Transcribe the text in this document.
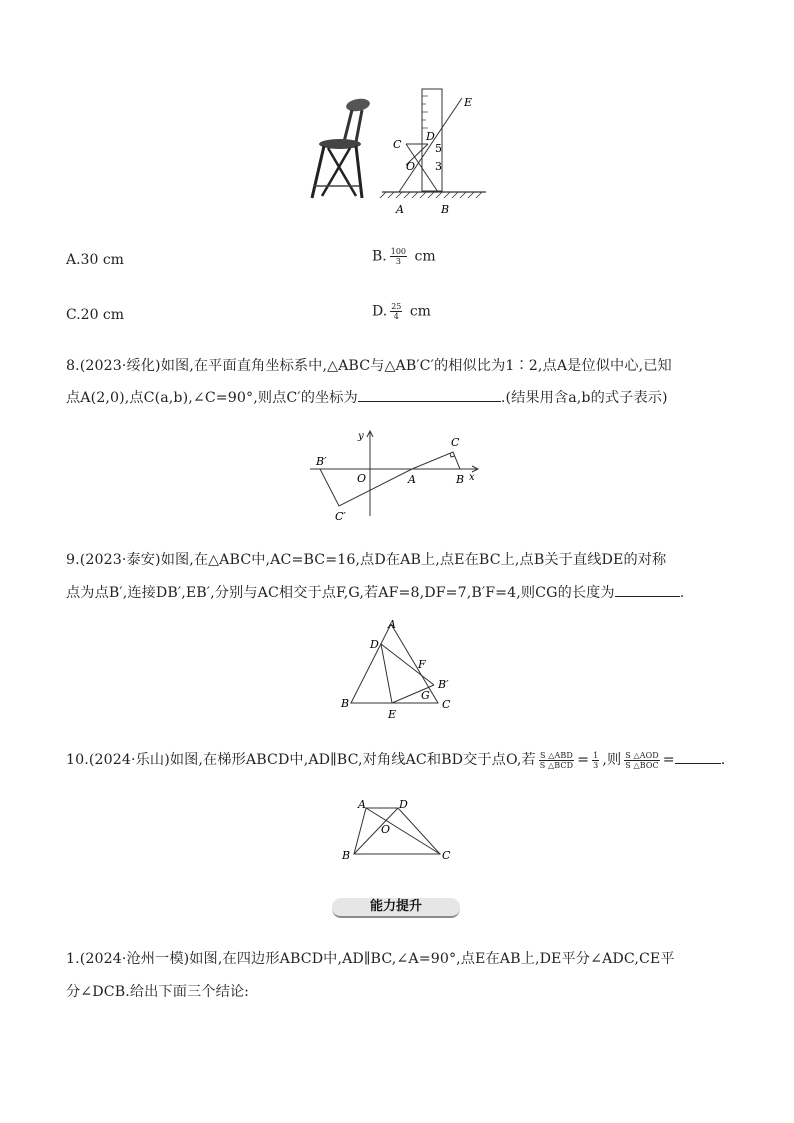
E
C
D
5
O 3
A	B
A.30 cm	B. $\frac{100}{3}$ cm
C.20 cm	D. $\frac{25}{4}$ cm
8.(2023·绥化)如图,在平面直角坐标系中,△ABC与△AB′C′的相似比为1∶2,点A是位似中心,已知
点A(2,0),点C(a,b),∠C=90°,则点C′的坐标为	.(结果用含a,b的式子表示)
y
x
C
B′
O	A	B
C′
9.(2023·泰安)如图,在△ABC中,AC=BC=16,点D在AB上,点E在BC上,点B关于直线DE的对称
点为点B′,连接DB′,EB′,分别与AC相交于点F,G,若AF=8,DF=7,B′F=4,则CG的长度为	.
A
D
F
B′
G
B
E
C
10.(2024·乐山)如图,在梯形ABCD中,AD∥BC,对角线AC和BD交于点O,若 $\frac{\text{S △ABD}}{\text{S △BCD}} = \frac{1}{3}$ ,则 $\frac{\text{S △AOD}}{\text{S △BOC}}$ =	.
A	D
O
B	C
能力提升
1.(2024·沧州一模)如图,在四边形ABCD中,AD∥BC,∠A=90°,点E在AB上,DE平分∠ADC,CE平
分∠DCB.给出下面三个结论:
